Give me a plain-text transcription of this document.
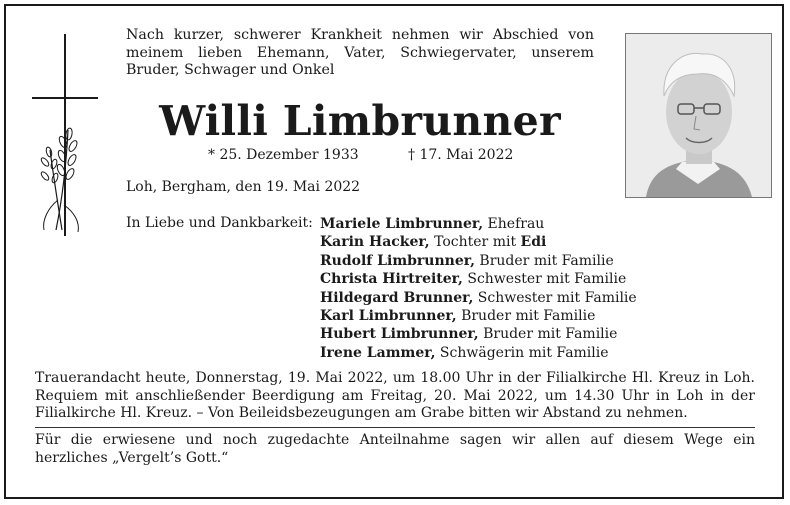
Nach kurzer, schwerer Krankheit nehmen wir Abschied von meinem lieben Ehemann, Vater, Schwiegervater, unserem Bruder, Schwager und Onkel
Willi Limbrunner
* 25. Dezember 1933	† 17. Mai 2022
Loh, Bergham, den 19. Mai 2022
In Liebe und Dankbarkeit: Mariele Limbrunner, Ehefrau
Karin Hacker, Tochter mit Edi
Rudolf Limbrunner, Bruder mit Familie
Christa Hirtreiter, Schwester mit Familie
Hildegard Brunner, Schwester mit Familie
Karl Limbrunner, Bruder mit Familie
Hubert Limbrunner, Bruder mit Familie
Irene Lammer, Schwägerin mit Familie
Trauerandacht heute, Donnerstag, 19. Mai 2022, um 18.00 Uhr in der Filialkirche Hl. Kreuz in Loh. Requiem mit anschließender Beerdigung am Freitag, 20. Mai 2022, um 14.30 Uhr in Loh in der Filialkirche Hl. Kreuz. – Von Beileidsbezeugungen am Grabe bitten wir Abstand zu nehmen.
Für die erwiesene und noch zugedachte Anteilnahme sagen wir allen auf diesem Wege ein herzliches „Vergelt’s Gott.“
